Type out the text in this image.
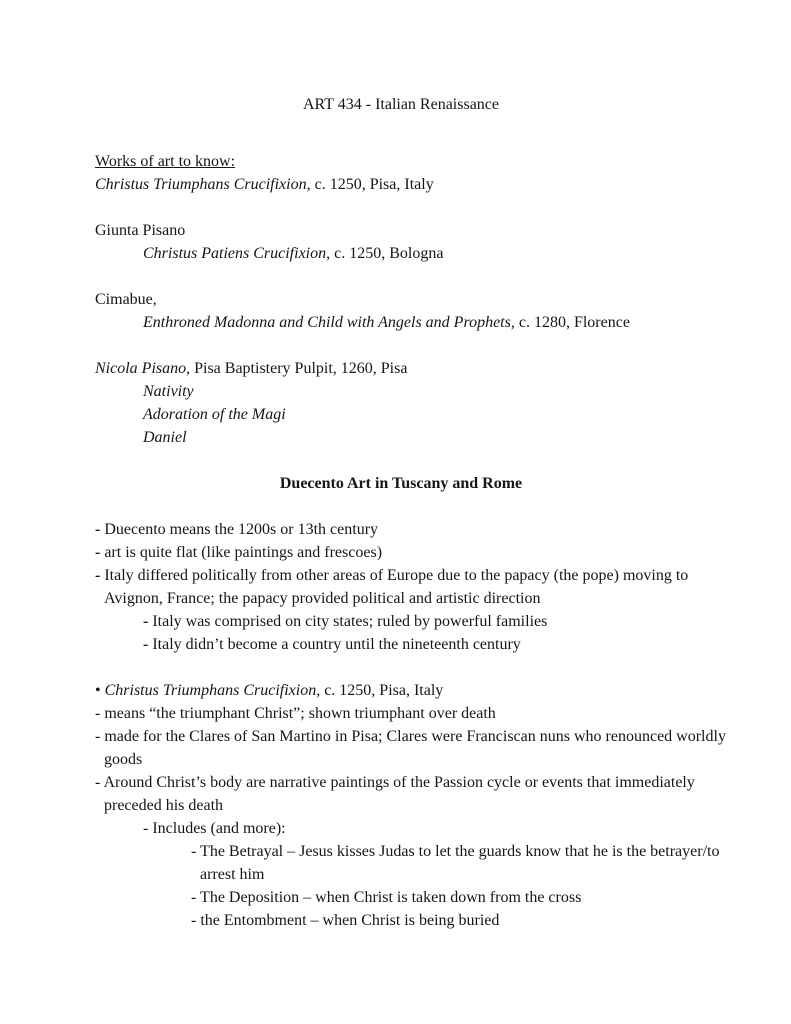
ART 434 - Italian Renaissance
Works of art to know:
Christus Triumphans Crucifixion, c. 1250, Pisa, Italy
Giunta Pisano
Christus Patiens Crucifixion, c. 1250, Bologna
Cimabue,
Enthroned Madonna and Child with Angels and Prophets, c. 1280, Florence
Nicola Pisano, Pisa Baptistery Pulpit, 1260, Pisa
Nativity
Adoration of the Magi
Daniel
Duecento Art in Tuscany and Rome
- Duecento means the 1200s or 13th century
- art is quite flat (like paintings and frescoes)
- Italy differed politically from other areas of Europe due to the papacy (the pope) moving to
Avignon, France; the papacy provided political and artistic direction
- Italy was comprised on city states; ruled by powerful families
- Italy didn’t become a country until the nineteenth century
• Christus Triumphans Crucifixion, c. 1250, Pisa, Italy
- means “the triumphant Christ”; shown triumphant over death
- made for the Clares of San Martino in Pisa; Clares were Franciscan nuns who renounced worldly
goods
- Around Christ’s body are narrative paintings of the Passion cycle or events that immediately
preceded his death
- Includes (and more):
- The Betrayal – Jesus kisses Judas to let the guards know that he is the betrayer/to
arrest him
- The Deposition – when Christ is taken down from the cross
- the Entombment – when Christ is being buried
